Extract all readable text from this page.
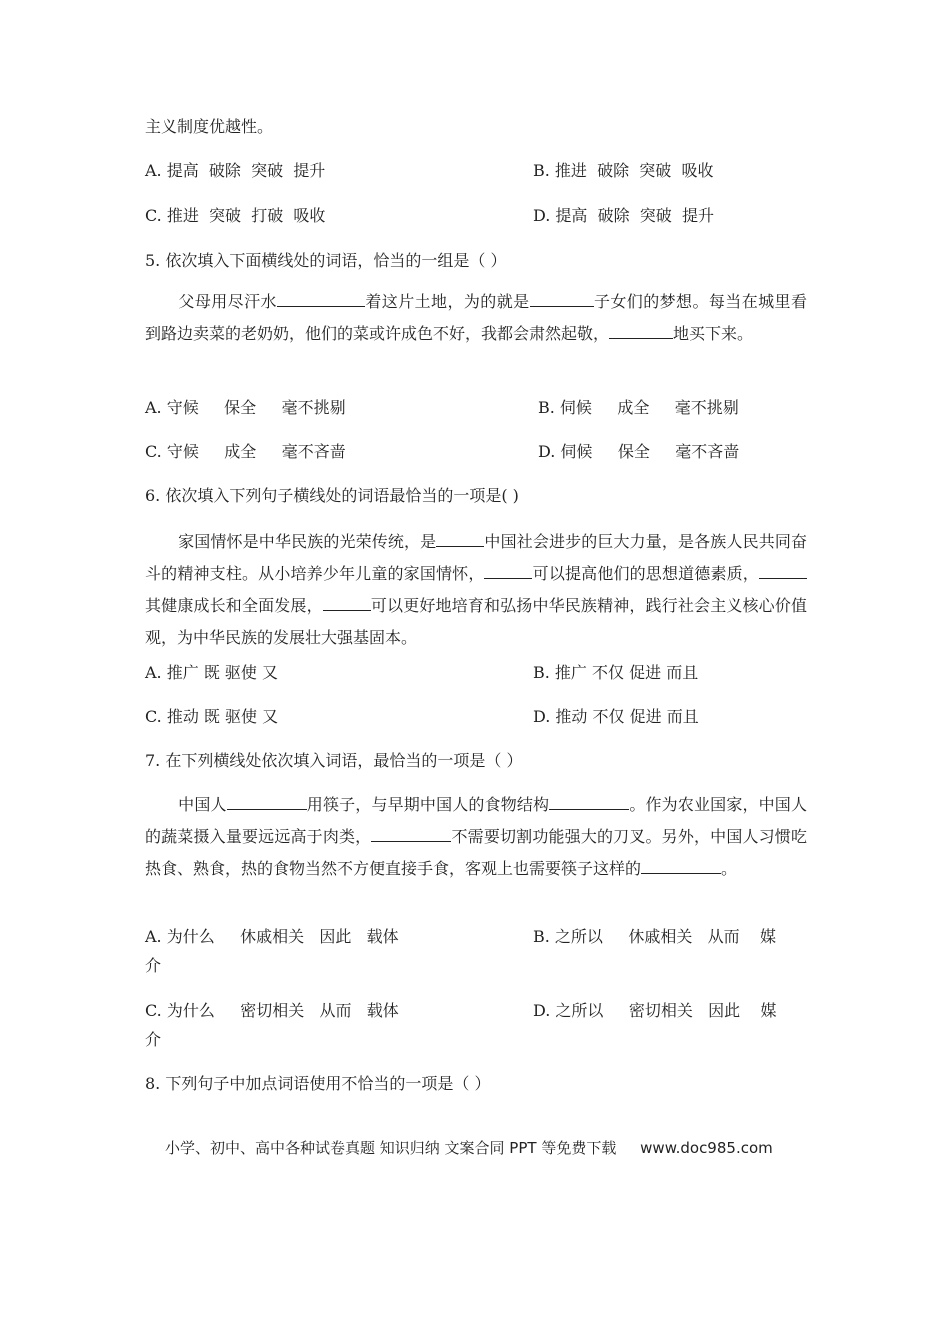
主义制度优越性。
A. 提高  破除  突破  提升	B. 推进  破除  突破  吸收
C. 推进  突破  打破  吸收	D. 提高  破除  突破  提升
5. 依次填入下面横线处的词语，恰当的一组是（ ）
父母用尽汗水	着这片土地，为的就是	子女们的梦想。每当在城里看到路边卖菜的老奶奶，他们的菜或许成色不好，我都会肃然起敬，	地买下来。
A. 守候     保全     毫不挑剔	B. 伺候     成全     毫不挑剔
C. 守候     成全     毫不吝啬	D. 伺候     保全     毫不吝啬
6. 依次填入下列句子横线处的词语最恰当的一项是( )
家国情怀是中华民族的光荣传统，是	中国社会进步的巨大力量，是各族人民共同奋斗的精神支柱。从小培养少年儿童的家国情怀，	可以提高他们的思想道德素质，其健康成长和全面发展，	可以更好地培育和弘扬中华民族精神，践行社会主义核心价值观，为中华民族的发展壮大强基固本。
A. 推广 既 驱使 又	B. 推广 不仅 促进 而且
C. 推动 既 驱使 又	D. 推动 不仅 促进 而且
7. 在下列横线处依次填入词语，最恰当的一项是（ ）
中国人	用筷子，与早期中国人的食物结构	。作为农业国家，中国人的蔬菜摄入量要远远高于肉类，	不需要切割功能强大的刀叉。另外，中国人习惯吃热食、熟食，热的食物当然不方便直接手食，客观上也需要筷子这样的	。
A. 为什么     休戚相关   因此   载体	B. 之所以     休戚相关   从而    媒
介
C. 为什么     密切相关   从而   载体	D. 之所以     密切相关   因此    媒
介
8. 下列句子中加点词语使用不恰当的一项是（ ）
小学、初中、高中各种试卷真题 知识归纳 文案合同 PPT 等免费下载     www.doc985.com
